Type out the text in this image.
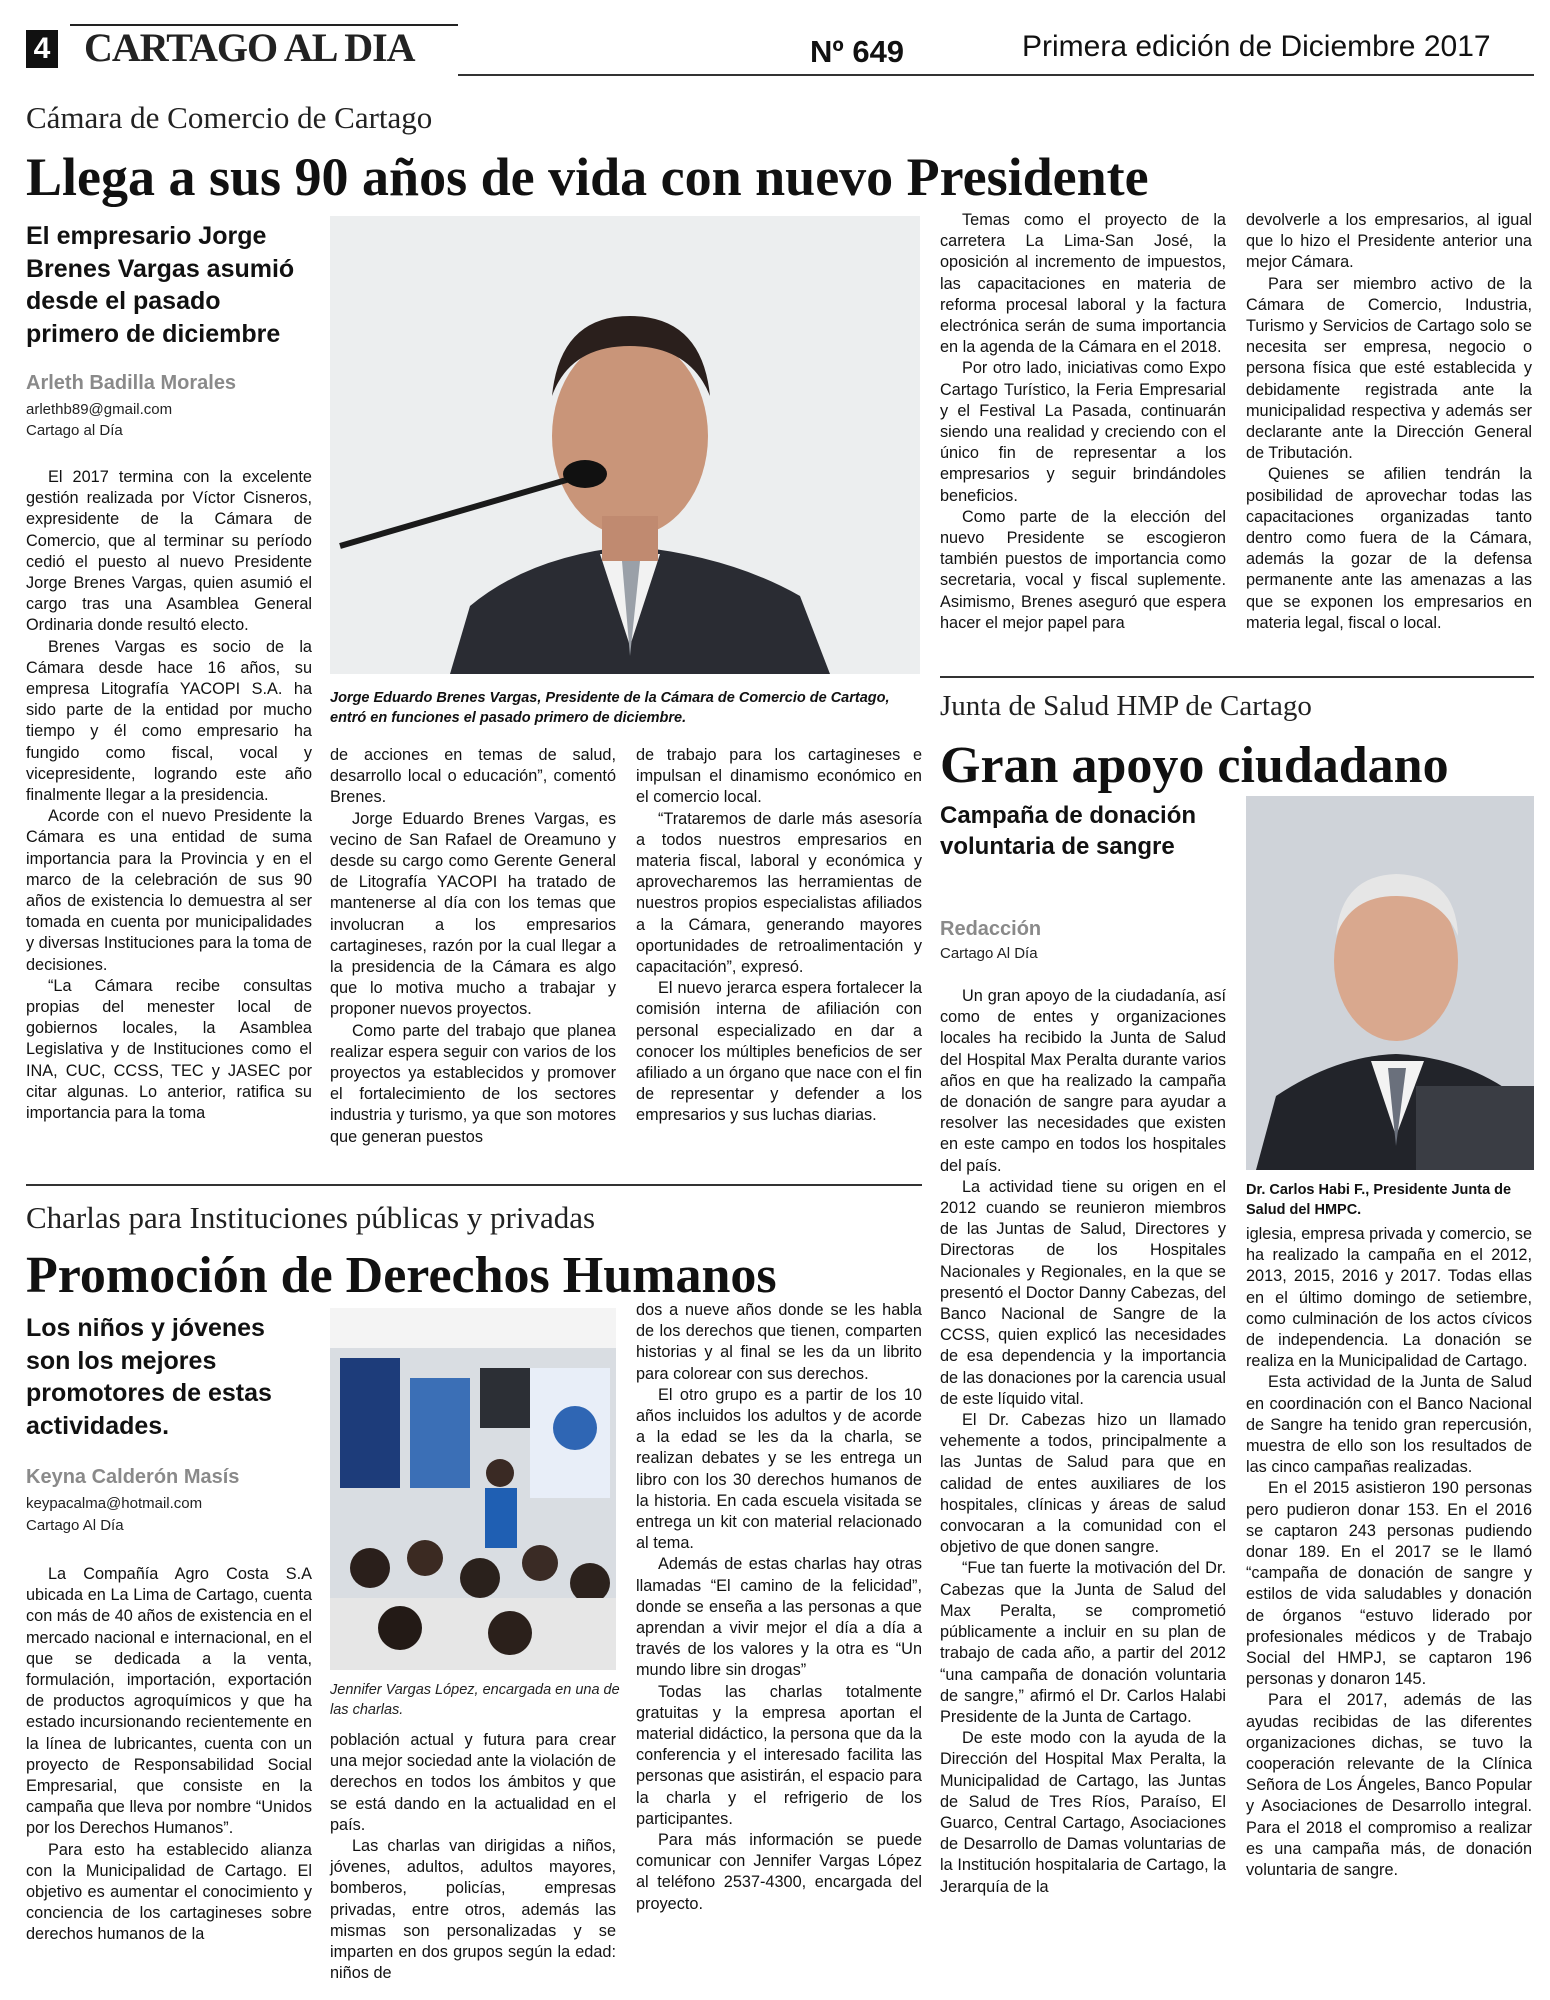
4 CARTAGO AL DIA	Nº 649	Primera edición de Diciembre 2017
Cámara de Comercio de Cartago
Llega a sus 90 años de vida con nuevo Presidente
El empresario Jorge Brenes Vargas asumió desde el pasado primero de diciembre
Arleth Badilla Morales
arlethb89@gmail.com
Cartago al Día
Jorge Eduardo Brenes Vargas, Presidente de la Cámara de Comercio de Cartago, entró en funciones el pasado primero de diciembre.

El 2017 termina con la excelente gestión realizada por Víctor Cisneros, expresidente de la Cámara de Comercio, que al terminar su período cedió el puesto al nuevo Presidente Jorge Brenes Vargas, quien asumió el cargo tras una Asamblea General Ordinaria donde resultó electo.

Brenes Vargas es socio de la Cámara desde hace 16 años, su empresa Litografía YACOPI S.A. ha sido parte de la entidad por mucho tiempo y él como empresario ha fungido como fiscal, vocal y vicepresidente, logrando este año finalmente llegar a la presidencia.

Acorde con el nuevo Presidente la Cámara es una entidad de suma importancia para la Provincia y en el marco de la celebración de sus 90 años de existencia lo demuestra al ser tomada en cuenta por municipalidades y diversas Instituciones para la toma de decisiones.

“La Cámara recibe consultas propias del menester local de gobiernos locales, la Asamblea Legislativa y de Instituciones como el INA, CUC, CCSS, TEC y JASEC por citar algunas. Lo anterior, ratifica su importancia para la toma

de acciones en temas de salud, desarrollo local o educación”, comentó Brenes.

Jorge Eduardo Brenes Vargas, es vecino de San Rafael de Oreamuno y desde su cargo como Gerente General de Litografía YACOPI ha tratado de mantenerse al día con los temas que involucran a los empresarios cartagineses, razón por la cual llegar a la presidencia de la Cámara es algo que lo motiva mucho a trabajar y proponer nuevos proyectos.

Como parte del trabajo que planea realizar espera seguir con varios de los proyectos ya establecidos y promover el fortalecimiento de los sectores industria y turismo, ya que son motores que generan puestos

de trabajo para los cartagineses e impulsan el dinamismo económico en el comercio local.

“Trataremos de darle más asesoría a todos nuestros empresarios en materia fiscal, laboral y económica y aprovecharemos las herramientas de nuestros propios especialistas afiliados a la Cámara, generando mayores oportunidades de retroalimentación y capacitación”, expresó.

El nuevo jerarca espera fortalecer la comisión interna de afiliación con personal especializado en dar a conocer los múltiples beneficios de ser afiliado a un órgano que nace con el fin de representar y defender a los empresarios y sus luchas diarias.

Temas como el proyecto de la carretera La Lima-San José, la oposición al incremento de impuestos, las capacitaciones en materia de reforma procesal laboral y la factura electrónica serán de suma importancia en la agenda de la Cámara en el 2018.

Por otro lado, iniciativas como Expo Cartago Turístico, la Feria Empresarial y el Festival La Pasada, continuarán siendo una realidad y creciendo con el único fin de representar a los empresarios y seguir brindándoles beneficios.

Como parte de la elección del nuevo Presidente se escogieron también puestos de importancia como secretaria, vocal y fiscal suplemente. Asimismo, Brenes aseguró que espera hacer el mejor papel para

devolverle a los empresarios, al igual que lo hizo el Presidente anterior una mejor Cámara.

Para ser miembro activo de la Cámara de Comercio, Industria, Turismo y Servicios de Cartago solo se necesita ser empresa, negocio o persona física que esté establecida y debidamente registrada ante la municipalidad respectiva y además ser declarante ante la Dirección General de Tributación.

Quienes se afilien tendrán la posibilidad de aprovechar todas las capacitaciones organizadas tanto dentro como fuera de la Cámara, además la gozar de la defensa permanente ante las amenazas a las que se exponen los empresarios en materia legal, fiscal o local.

Junta de Salud HMP de Cartago
Gran apoyo ciudadano
Campaña de donación voluntaria de sangre
Redacción
Cartago Al Día
Dr. Carlos Habi F., Presidente Junta de Salud del HMPC.

Un gran apoyo de la ciudadanía, así como de entes y organizaciones locales ha recibido la Junta de Salud del Hospital Max Peralta durante varios años en que ha realizado la campaña de donación de sangre para ayudar a resolver las necesidades que existen en este campo en todos los hospitales del país.

La actividad tiene su origen en el 2012 cuando se reunieron miembros de las Juntas de Salud, Directores y Directoras de los Hospitales Nacionales y Regionales, en la que se presentó el Doctor Danny Cabezas, del Banco Nacional de Sangre de la CCSS, quien explicó las necesidades de esa dependencia y la importancia de las donaciones por la carencia usual de este líquido vital.

El Dr. Cabezas hizo un llamado vehemente a todos, principalmente a las Juntas de Salud para que en calidad de entes auxiliares de los hospitales, clínicas y áreas de salud convocaran a la comunidad con el objetivo de que donen sangre.

“Fue tan fuerte la motivación del Dr. Cabezas que la Junta de Salud del Max Peralta, se comprometió públicamente a incluir en su plan de trabajo de cada año, a partir del 2012 “una campaña de donación voluntaria de sangre,” afirmó el Dr. Carlos Halabi Presidente de la Junta de Cartago.

De este modo con la ayuda de la Dirección del Hospital Max Peralta, la Municipalidad de Cartago, las Juntas de Salud de Tres Ríos, Paraíso, El Guarco, Central Cartago, Asociaciones de Desarrollo de Damas voluntarias de la Institución hospitalaria de Cartago, la Jerarquía de la

iglesia, empresa privada y comercio, se ha realizado la campaña en el 2012, 2013, 2015, 2016 y 2017. Todas ellas en el último domingo de setiembre, como culminación de los actos cívicos de independencia. La donación se realiza en la Municipalidad de Cartago.

Esta actividad de la Junta de Salud en coordinación con el Banco Nacional de Sangre ha tenido gran repercusión, muestra de ello son los resultados de las cinco campañas realizadas.

En el 2015 asistieron 190 personas pero pudieron donar 153. En el 2016 se captaron 243 personas pudiendo donar 189. En el 2017 se le llamó “campaña de donación de sangre y estilos de vida saludables y donación de órganos “estuvo liderado por profesionales médicos y de Trabajo Social del HMPJ, se captaron 196 personas y donaron 145.

Para el 2017, además de las ayudas recibidas de las diferentes organizaciones dichas, se tuvo la cooperación relevante de la Clínica Señora de Los Ángeles, Banco Popular y Asociaciones de Desarrollo integral. Para el 2018 el compromiso a realizar es una campaña más, de donación voluntaria de sangre.

Charlas para Instituciones públicas y privadas
Promoción de Derechos Humanos
Los niños y jóvenes son los mejores promotores de estas actividades.
Keyna Calderón Masís
keypacalma@hotmail.com
Cartago Al Día
Jennifer Vargas López, encargada en una de las charlas.

La Compañía Agro Costa S.A ubicada en La Lima de Cartago, cuenta con más de 40 años de existencia en el mercado nacional e internacional, en el que se dedicada a la venta, formulación, importación, exportación de productos agroquímicos y que ha estado incursionando recientemente en la línea de lubricantes, cuenta con un proyecto de Responsabilidad Social Empresarial, que consiste en la campaña que lleva por nombre “Unidos por los Derechos Humanos”.

Para esto ha establecido alianza con la Municipalidad de Cartago. El objetivo es aumentar el conocimiento y conciencia de los cartagineses sobre derechos humanos de la

población actual y futura para crear una mejor sociedad ante la violación de derechos en todos los ámbitos y que se está dando en la actualidad en el país.

Las charlas van dirigidas a niños, jóvenes, adultos, adultos mayores, bomberos, policías, empresas privadas, entre otros, además las mismas son personalizadas y se imparten en dos grupos según la edad: niños de

dos a nueve años donde se les habla de los derechos que tienen, comparten historias y al final se les da un librito para colorear con sus derechos.

El otro grupo es a partir de los 10 años incluidos los adultos y de acorde a la edad se les da la charla, se realizan debates y se les entrega un libro con los 30 derechos humanos de la historia. En cada escuela visitada se entrega un kit con material relacionado al tema.

Además de estas charlas hay otras llamadas “El camino de la felicidad”, donde se enseña a las personas a que aprendan a vivir mejor el día a día a través de los valores y la otra es “Un mundo libre sin drogas”

Todas las charlas totalmente gratuitas y la empresa aportan el material didáctico, la persona que da la conferencia y el interesado facilita las personas que asistirán, el espacio para la charla y el refrigerio de los participantes.

Para más información se puede comunicar con Jennifer Vargas López al teléfono 2537-4300, encargada del proyecto.
